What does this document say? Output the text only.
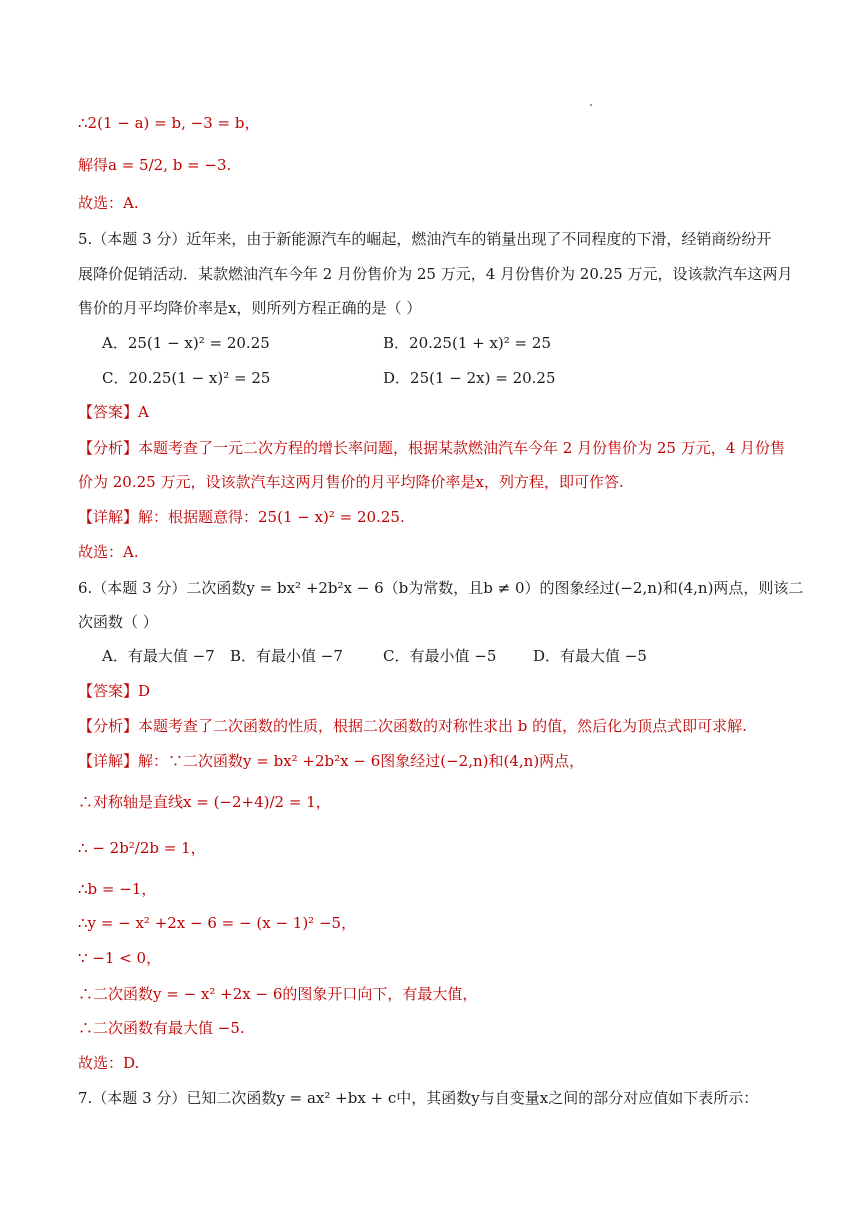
∴2(1 − a) = b, −3 = b，
解得a = 5/2, b = −3.
故选：A.
5.（本题 3 分）近年来，由于新能源汽车的崛起，燃油汽车的销量出现了不同程度的下滑，经销商纷纷开
展降价促销活动．某款燃油汽车今年 2 月份售价为 25 万元，4 月份售价为 20.25 万元，设该款汽车这两月
售价的月平均降价率是x，则所列方程正确的是（ ）
A．25(1 − x)² = 20.25	B．20.25(1 + x)² = 25
C．20.25(1 − x)² = 25	D．25(1 − 2x) = 20.25
【答案】A
【分析】本题考查了一元二次方程的增长率问题，根据某款燃油汽车今年 2 月份售价为 25 万元，4 月份售
价为 20.25 万元，设该款汽车这两月售价的月平均降价率是x，列方程，即可作答.
【详解】解：根据题意得：25(1 − x)² = 20.25.
故选：A.
6.（本题 3 分）二次函数y = bx² +2b²x − 6（b为常数，且b ≠ 0）的图象经过(−2,n)和(4,n)两点，则该二
次函数（ ）
A．有最大值 −7 B．有最小值 −7	C．有最小值 −5 D．有最大值 −5
【答案】D
【分析】本题考查了二次函数的性质，根据二次函数的对称性求出 b 的值，然后化为顶点式即可求解.
【详解】解：∵二次函数y = bx² +2b²x − 6图象经过(−2,n)和(4,n)两点，
∴对称轴是直线x = (−2+4)/2 = 1，
∴ − 2b²/2b = 1，
∴b = −1，
∴y = − x² +2x − 6 = − (x − 1)² −5，
∵ −1 < 0，
∴二次函数y = − x² +2x − 6的图象开口向下，有最大值，
∴二次函数有最大值 −5.
故选：D.
7.（本题 3 分）已知二次函数y = ax² +bx + c中，其函数y与自变量x之间的部分对应值如下表所示：
